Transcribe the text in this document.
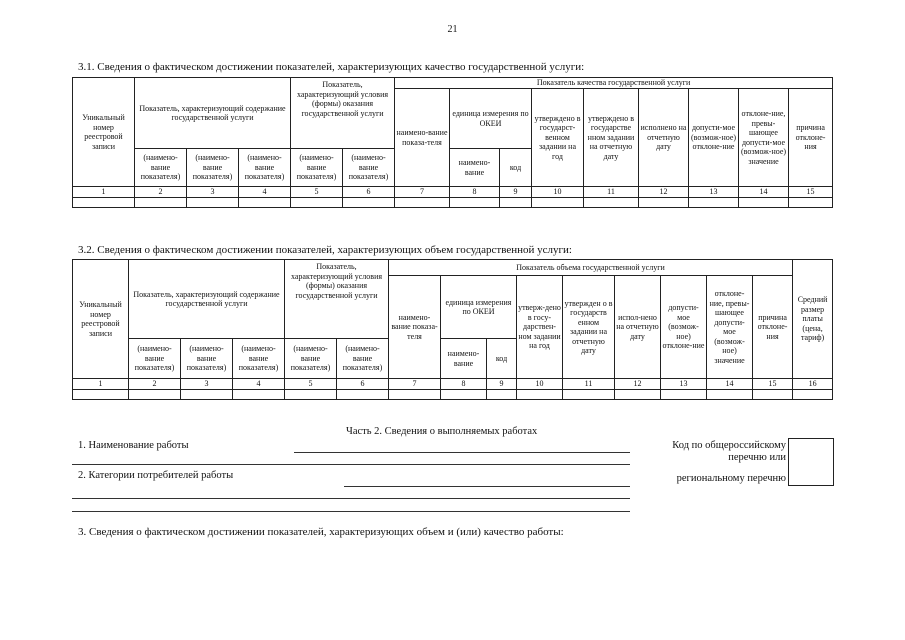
21
3.1. Сведения о фактическом достижении показателей, характеризующих качество государственной услуги:
Уникальный номер реестровой записи	Показатель, характеризующий содержание государственной услуги			Показатель, характеризующий условия (формы) оказания государственной услуги		Показатель качества государственной услуги								
						наимено-вание показа-теля	единица измерения по ОКЕИ		утверждено в государст-венном задании на год	утверждено в государстве нном задании на отчетную дату	исполнено на отчетную дату	допусти-мое (возмож-ное) отклоне-ние	отклоне-ние, превы-шающее допусти-мое (возмож-ное) значение	причина отклоне-ния
	(наимено-вание показателя)	(наимено-вание показателя)	(наимено-вание показателя)	(наимено-вание показателя)	(наимено-вание показателя)		наимено-вание	код						
1	2	3	4	5	6	7	8	9	10	11	12	13	14	15

3.2. Сведения о фактическом достижении показателей, характеризующих объем государственной услуги:
Уникальный номер реестровой записи	Показатель, характеризующий содержание государственной услуги			Показатель, характеризующий условия (формы) оказания государственной услуги		Показатель объема государственной услуги									Средний размер платы (цена, тариф)
						наимено-вание показа-теля	единица измерения по ОКЕИ		утверж-дено в госу-дарствен-ном задании на год	утвержден о в государств енном задании на отчетную дату	испол-нено на отчетную дату	допусти-мое (возмож-ное) отклоне-ние	отклоне-ние, превы-шающее допусти-мое (возмож-ное) значение	причина отклоне-ния	
	(наимено-вание показателя)	(наимено-вание показателя)	(наимено-вание показателя)	(наимено-вание показателя)	(наимено-вание показателя)		наимено-вание	код							
1	2	3	4	5	6	7	8	9	10	11	12	13	14	15	16

Часть 2. Сведения о выполняемых работах
1. Наименование работы
2. Категории потребителей работы
Код по общероссийскому
перечню или
региональному перечню
3. Сведения о фактическом достижении показателей, характеризующих объем и (или) качество работы:
